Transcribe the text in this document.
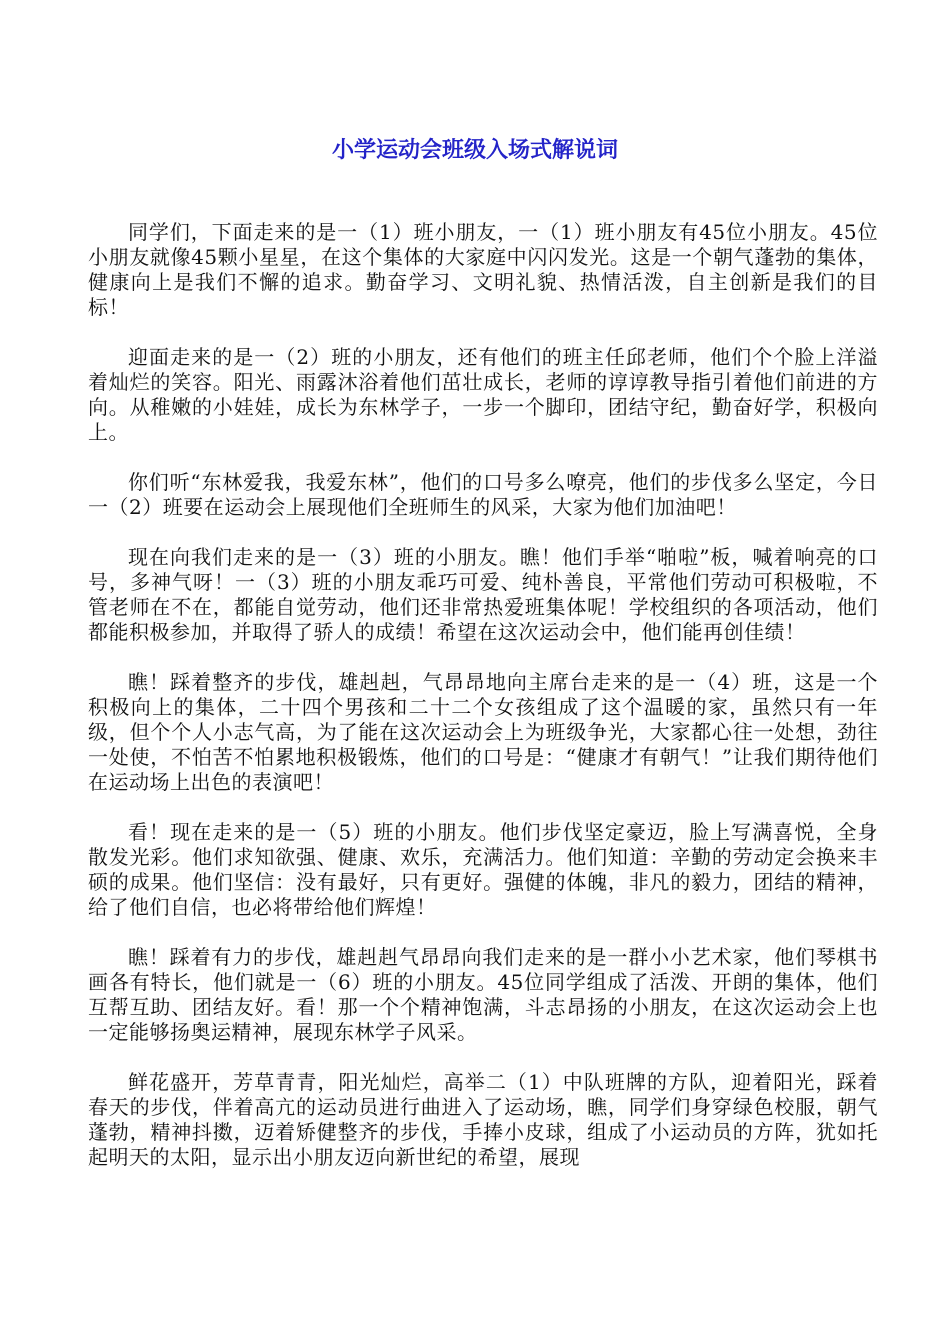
小学运动会班级入场式解说词

同学们，下面走来的是一（1）班小朋友，一（1）班小朋友有45位小朋友。45位小朋友就像45颗小星星，在这个集体的大家庭中闪闪发光。这是一个朝气蓬勃的集体，健康向上是我们不懈的追求。勤奋学习、文明礼貌、热情活泼，自主创新是我们的目标！

迎面走来的是一（2）班的小朋友，还有他们的班主任邱老师，他们个个脸上洋溢着灿烂的笑容。阳光、雨露沐浴着他们茁壮成长，老师的谆谆教导指引着他们前进的方向。从稚嫩的小娃娃，成长为东林学子，一步一个脚印，团结守纪，勤奋好学，积极向上。

你们听“东林爱我，我爱东林”，他们的口号多么嘹亮，他们的步伐多么坚定，今日一（2）班要在运动会上展现他们全班师生的风采，大家为他们加油吧！

现在向我们走来的是一（3）班的小朋友。瞧！他们手举“啪啦”板，喊着响亮的口号，多神气呀！一（3）班的小朋友乖巧可爱、纯朴善良，平常他们劳动可积极啦，不管老师在不在，都能自觉劳动，他们还非常热爱班集体呢！学校组织的各项活动，他们都能积极参加，并取得了骄人的成绩！希望在这次运动会中，他们能再创佳绩！

瞧！踩着整齐的步伐，雄赳赳，气昂昂地向主席台走来的是一（4）班，这是一个积极向上的集体，二十四个男孩和二十二个女孩组成了这个温暖的家，虽然只有一年级，但个个人小志气高，为了能在这次运动会上为班级争光，大家都心往一处想，劲往一处使，不怕苦不怕累地积极锻炼，他们的口号是：“健康才有朝气！”让我们期待他们在运动场上出色的表演吧！

看！现在走来的是一（5）班的小朋友。他们步伐坚定豪迈，脸上写满喜悦，全身散发光彩。他们求知欲强、健康、欢乐，充满活力。他们知道：辛勤的劳动定会换来丰硕的成果。他们坚信：没有最好，只有更好。强健的体魄，非凡的毅力，团结的精神，给了他们自信，也必将带给他们辉煌！

瞧！踩着有力的步伐，雄赳赳气昂昂向我们走来的是一群小小艺术家，他们琴棋书画各有特长，他们就是一（6）班的小朋友。45位同学组成了活泼、开朗的集体，他们互帮互助、团结友好。看！那一个个精神饱满，斗志昂扬的小朋友，在这次运动会上也一定能够扬奥运精神，展现东林学子风采。

鲜花盛开，芳草青青，阳光灿烂，高举二（1）中队班牌的方队，迎着阳光，踩着春天的步伐，伴着高亢的运动员进行曲进入了运动场，瞧，同学们身穿绿色校服，朝气蓬勃，精神抖擞，迈着矫健整齐的步伐，手捧小皮球，组成了小运动员的方阵，犹如托起明天的太阳，显示出小朋友迈向新世纪的希望，展现
